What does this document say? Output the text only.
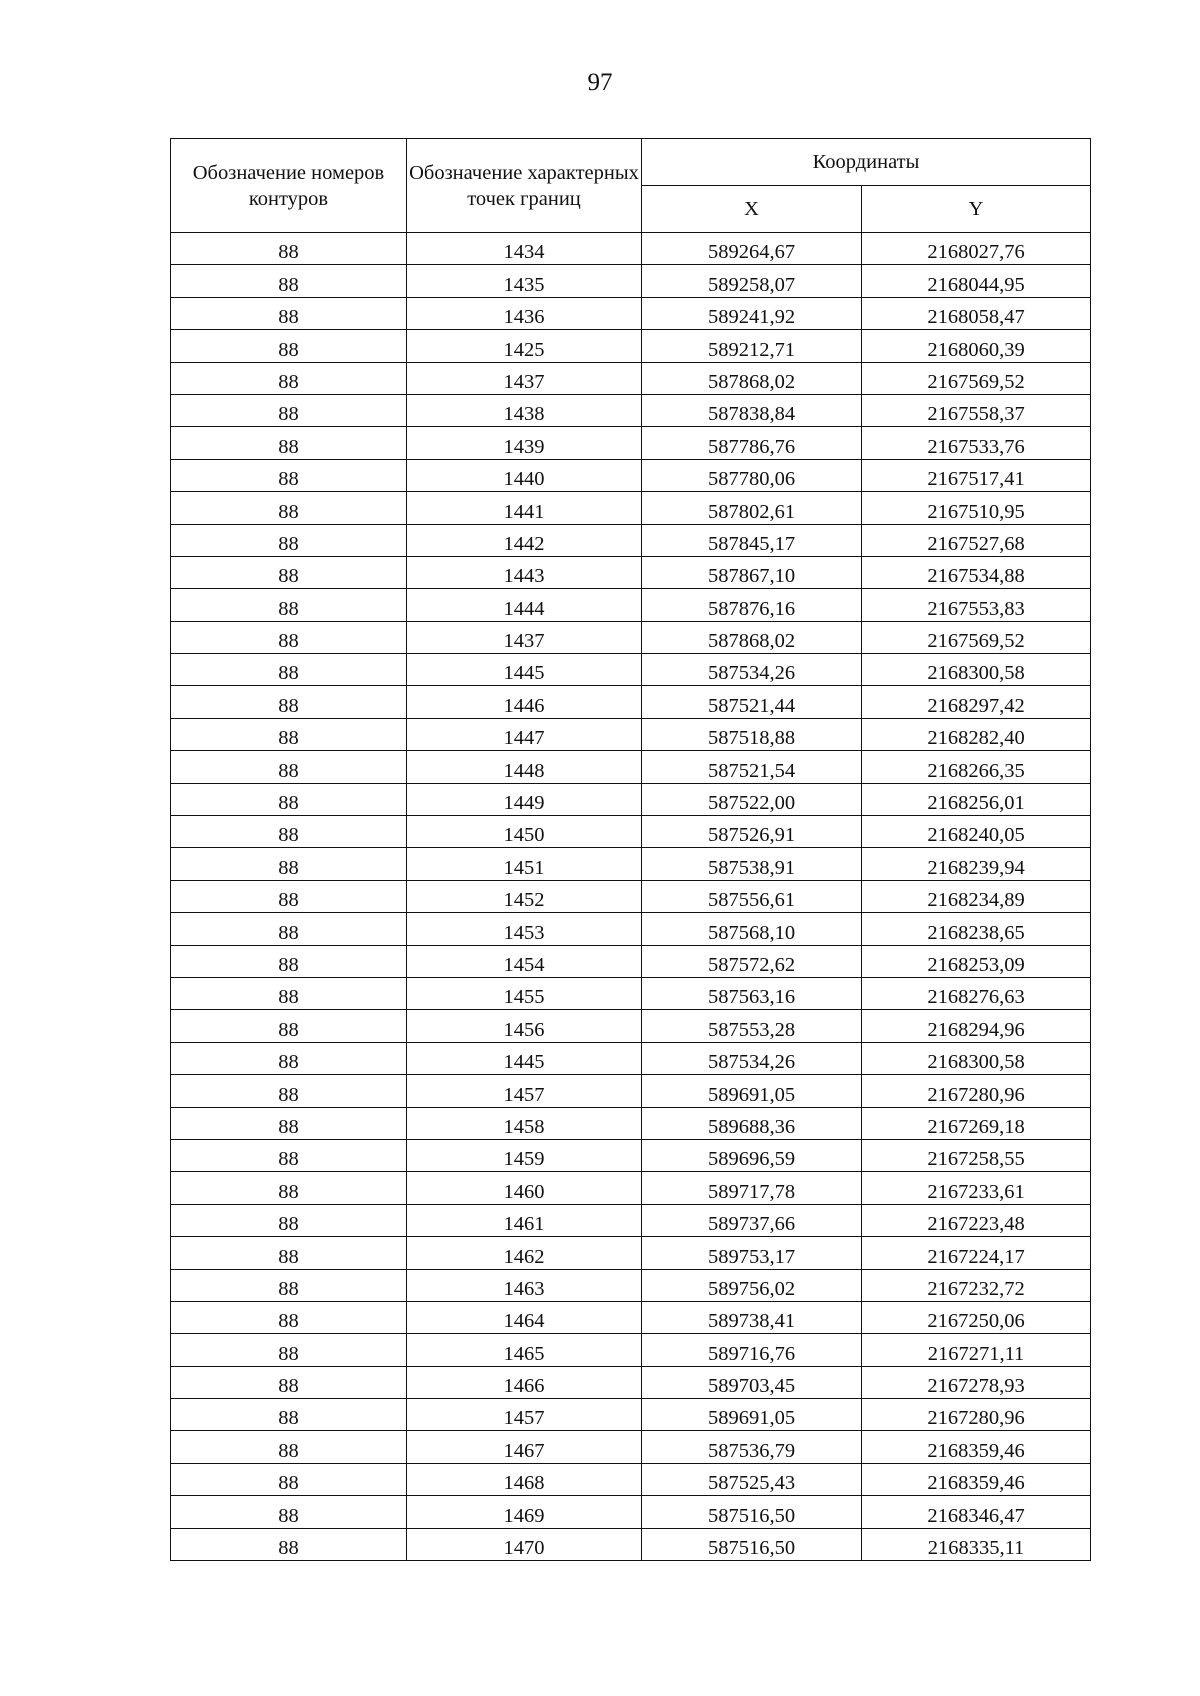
97
Обозначение номеров контуров	Обозначение характерных точек границ	Координаты	
		X	Y
88	1434	589264,67	2168027,76
88	1435	589258,07	2168044,95
88	1436	589241,92	2168058,47
88	1425	589212,71	2168060,39
88	1437	587868,02	2167569,52
88	1438	587838,84	2167558,37
88	1439	587786,76	2167533,76
88	1440	587780,06	2167517,41
88	1441	587802,61	2167510,95
88	1442	587845,17	2167527,68
88	1443	587867,10	2167534,88
88	1444	587876,16	2167553,83
88	1437	587868,02	2167569,52
88	1445	587534,26	2168300,58
88	1446	587521,44	2168297,42
88	1447	587518,88	2168282,40
88	1448	587521,54	2168266,35
88	1449	587522,00	2168256,01
88	1450	587526,91	2168240,05
88	1451	587538,91	2168239,94
88	1452	587556,61	2168234,89
88	1453	587568,10	2168238,65
88	1454	587572,62	2168253,09
88	1455	587563,16	2168276,63
88	1456	587553,28	2168294,96
88	1445	587534,26	2168300,58
88	1457	589691,05	2167280,96
88	1458	589688,36	2167269,18
88	1459	589696,59	2167258,55
88	1460	589717,78	2167233,61
88	1461	589737,66	2167223,48
88	1462	589753,17	2167224,17
88	1463	589756,02	2167232,72
88	1464	589738,41	2167250,06
88	1465	589716,76	2167271,11
88	1466	589703,45	2167278,93
88	1457	589691,05	2167280,96
88	1467	587536,79	2168359,46
88	1468	587525,43	2168359,46
88	1469	587516,50	2168346,47
88	1470	587516,50	2168335,11
